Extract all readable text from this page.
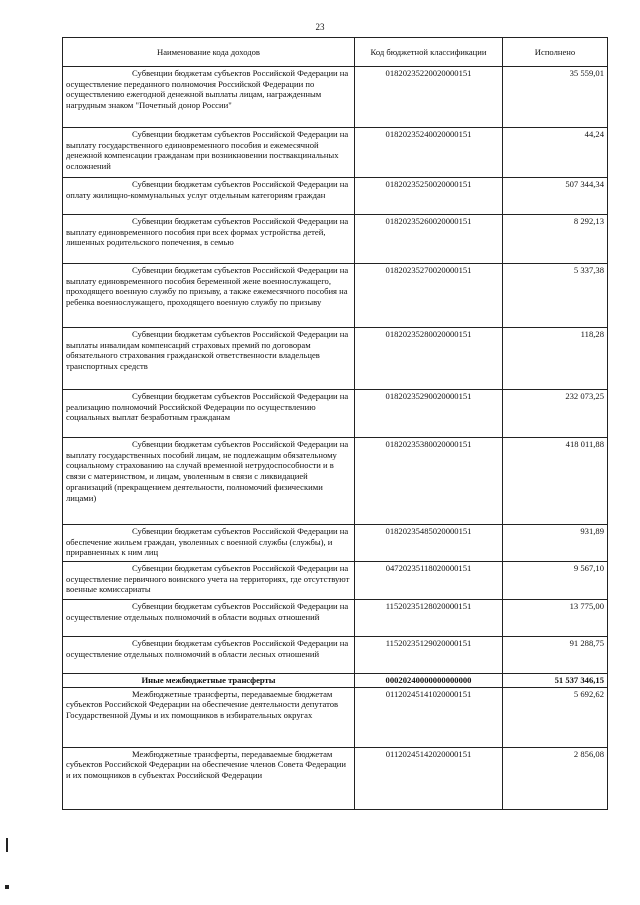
23
Наименование кода доходов	Код бюджетной классификации	Исполнено
Субвенции бюджетам субъектов Российской Федерации на осуществление переданного полномочия Российской Федерации по осуществлению ежегодной денежной выплаты лицам, награжденным нагрудным знаком "Почетный донор России"	01820235220020000151	35 559,01
Субвенции бюджетам субъектов Российской Федерации на выплату государственного единовременного пособия и ежемесячной денежной компенсации гражданам при возникновении поствакцинальных осложнений	01820235240020000151	44,24
Субвенции бюджетам субъектов Российской Федерации на оплату жилищно-коммунальных услуг отдельным категориям граждан	01820235250020000151	507 344,34
Субвенции бюджетам субъектов Российской Федерации на выплату единовременного пособия при всех формах устройства детей, лишенных родительского попечения, в семью	01820235260020000151	8 292,13
Субвенции бюджетам субъектов Российской Федерации на выплату единовременного пособия беременной жене военнослужащего, проходящего военную службу по призыву, а также ежемесячного пособия на ребенка военнослужащего, проходящего военную службу по призыву	01820235270020000151	5 337,38
Субвенции бюджетам субъектов Российской Федерации на выплаты инвалидам компенсаций страховых премий по договорам обязательного страхования гражданской ответственности владельцев транспортных средств	01820235280020000151	118,28
Субвенции бюджетам субъектов Российской Федерации на реализацию полномочий Российской Федерации по осуществлению социальных выплат безработным гражданам	01820235290020000151	232 073,25
Субвенции бюджетам субъектов Российской Федерации на выплату государственных пособий лицам, не подлежащим обязательному социальному страхованию на случай временной нетрудоспособности и в связи с материнством, и лицам, уволенным в связи с ликвидацией организаций (прекращением деятельности, полномочий физическими лицами)	01820235380020000151	418 011,88
Субвенции бюджетам субъектов Российской Федерации на обеспечение жильем граждан, уволенных с военной службы (службы), и приравненных к ним лиц	01820235485020000151	931,89
Субвенции бюджетам субъектов Российской Федерации на осуществление первичного воинского учета на территориях, где отсутствуют военные комиссариаты	04720235118020000151	9 567,10
Субвенции бюджетам субъектов Российской Федерации на осуществление отдельных полномочий в области водных отношений	11520235128020000151	13 775,00
Субвенции бюджетам субъектов Российской Федерации на осуществление отдельных полномочий в области лесных отношений	11520235129020000151	91 288,75
Иные межбюджетные трансферты	00020240000000000000	51 537 346,15
Межбюджетные трансферты, передаваемые бюджетам субъектов Российской Федерации на обеспечение деятельности депутатов Государственной Думы и их помощников в избирательных округах	01120245141020000151	5 692,62
Межбюджетные трансферты, передаваемые бюджетам субъектов Российской Федерации на обеспечение членов Совета Федерации и их помощников в субъектах Российской Федерации	01120245142020000151	2 856,08
